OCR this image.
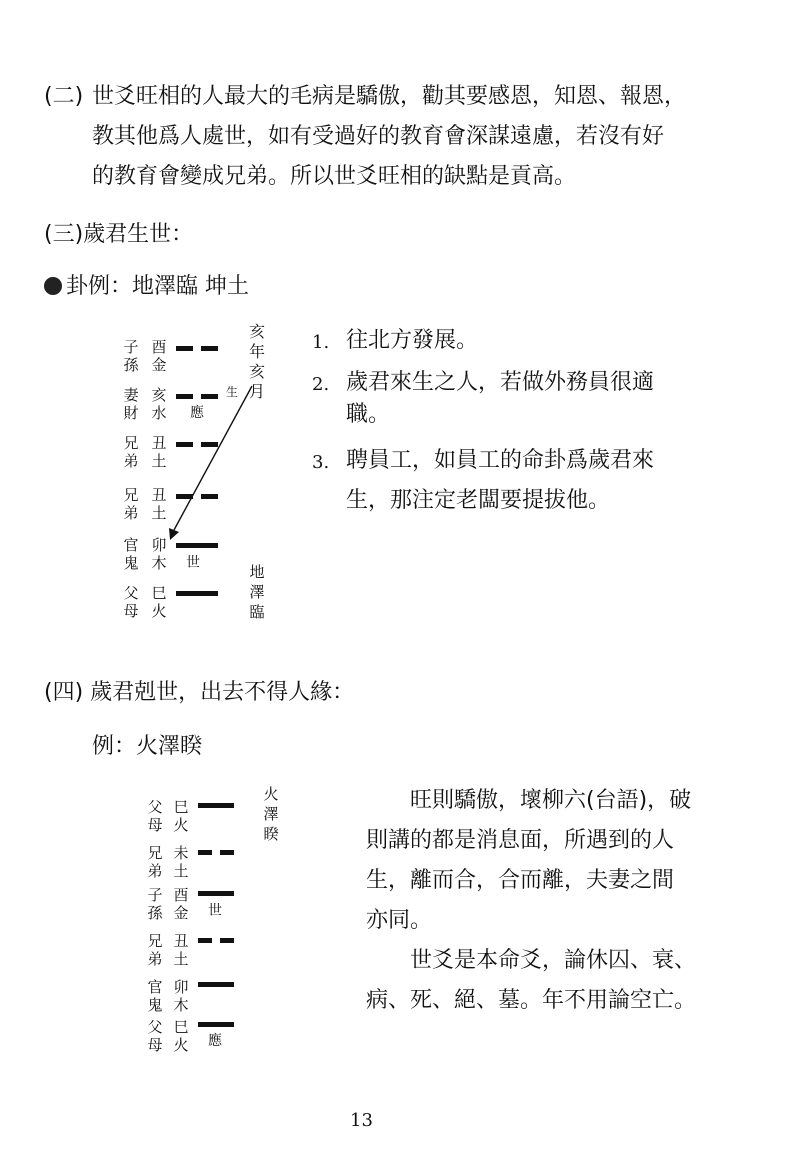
(二) 世爻旺相的人最大的毛病是驕傲，勸其要感恩，知恩、報恩，
教其他爲人處世，如有受過好的教育會深謀遠慮，若沒有好
的教育會變成兄弟。所以世爻旺相的缺點是貢高。
(三)歲君生世：
卦例：地澤臨 坤土
子
孫
酉
金
妻
財
亥
水 應
生
兄
弟
丑
土
兄
弟
丑
土
官
鬼
卯
木 世
父
母
巳
火
亥
年
亥
月
地
澤
臨
1. 往北方發展。
2. 歲君來生之人，若做外務員很適
職。
3. 聘員工，如員工的命卦爲歲君來
生，那注定老闆要提拔他。
(四) 歲君剋世，出去不得人緣：
例：火澤睽
父
母
巳
火
兄
弟
未
土
子
孫
酉
金 世
兄
弟
丑
土
官
鬼
卯
木
父
母
巳
火 應
火
澤
睽
旺則驕傲，壞柳六(台語)，破
則講的都是消息面，所遇到的人
生，離而合，合而離，夫妻之間
亦同。
世爻是本命爻，論休囚、衰、
病、死、絕、墓。年不用論空亡。
13
